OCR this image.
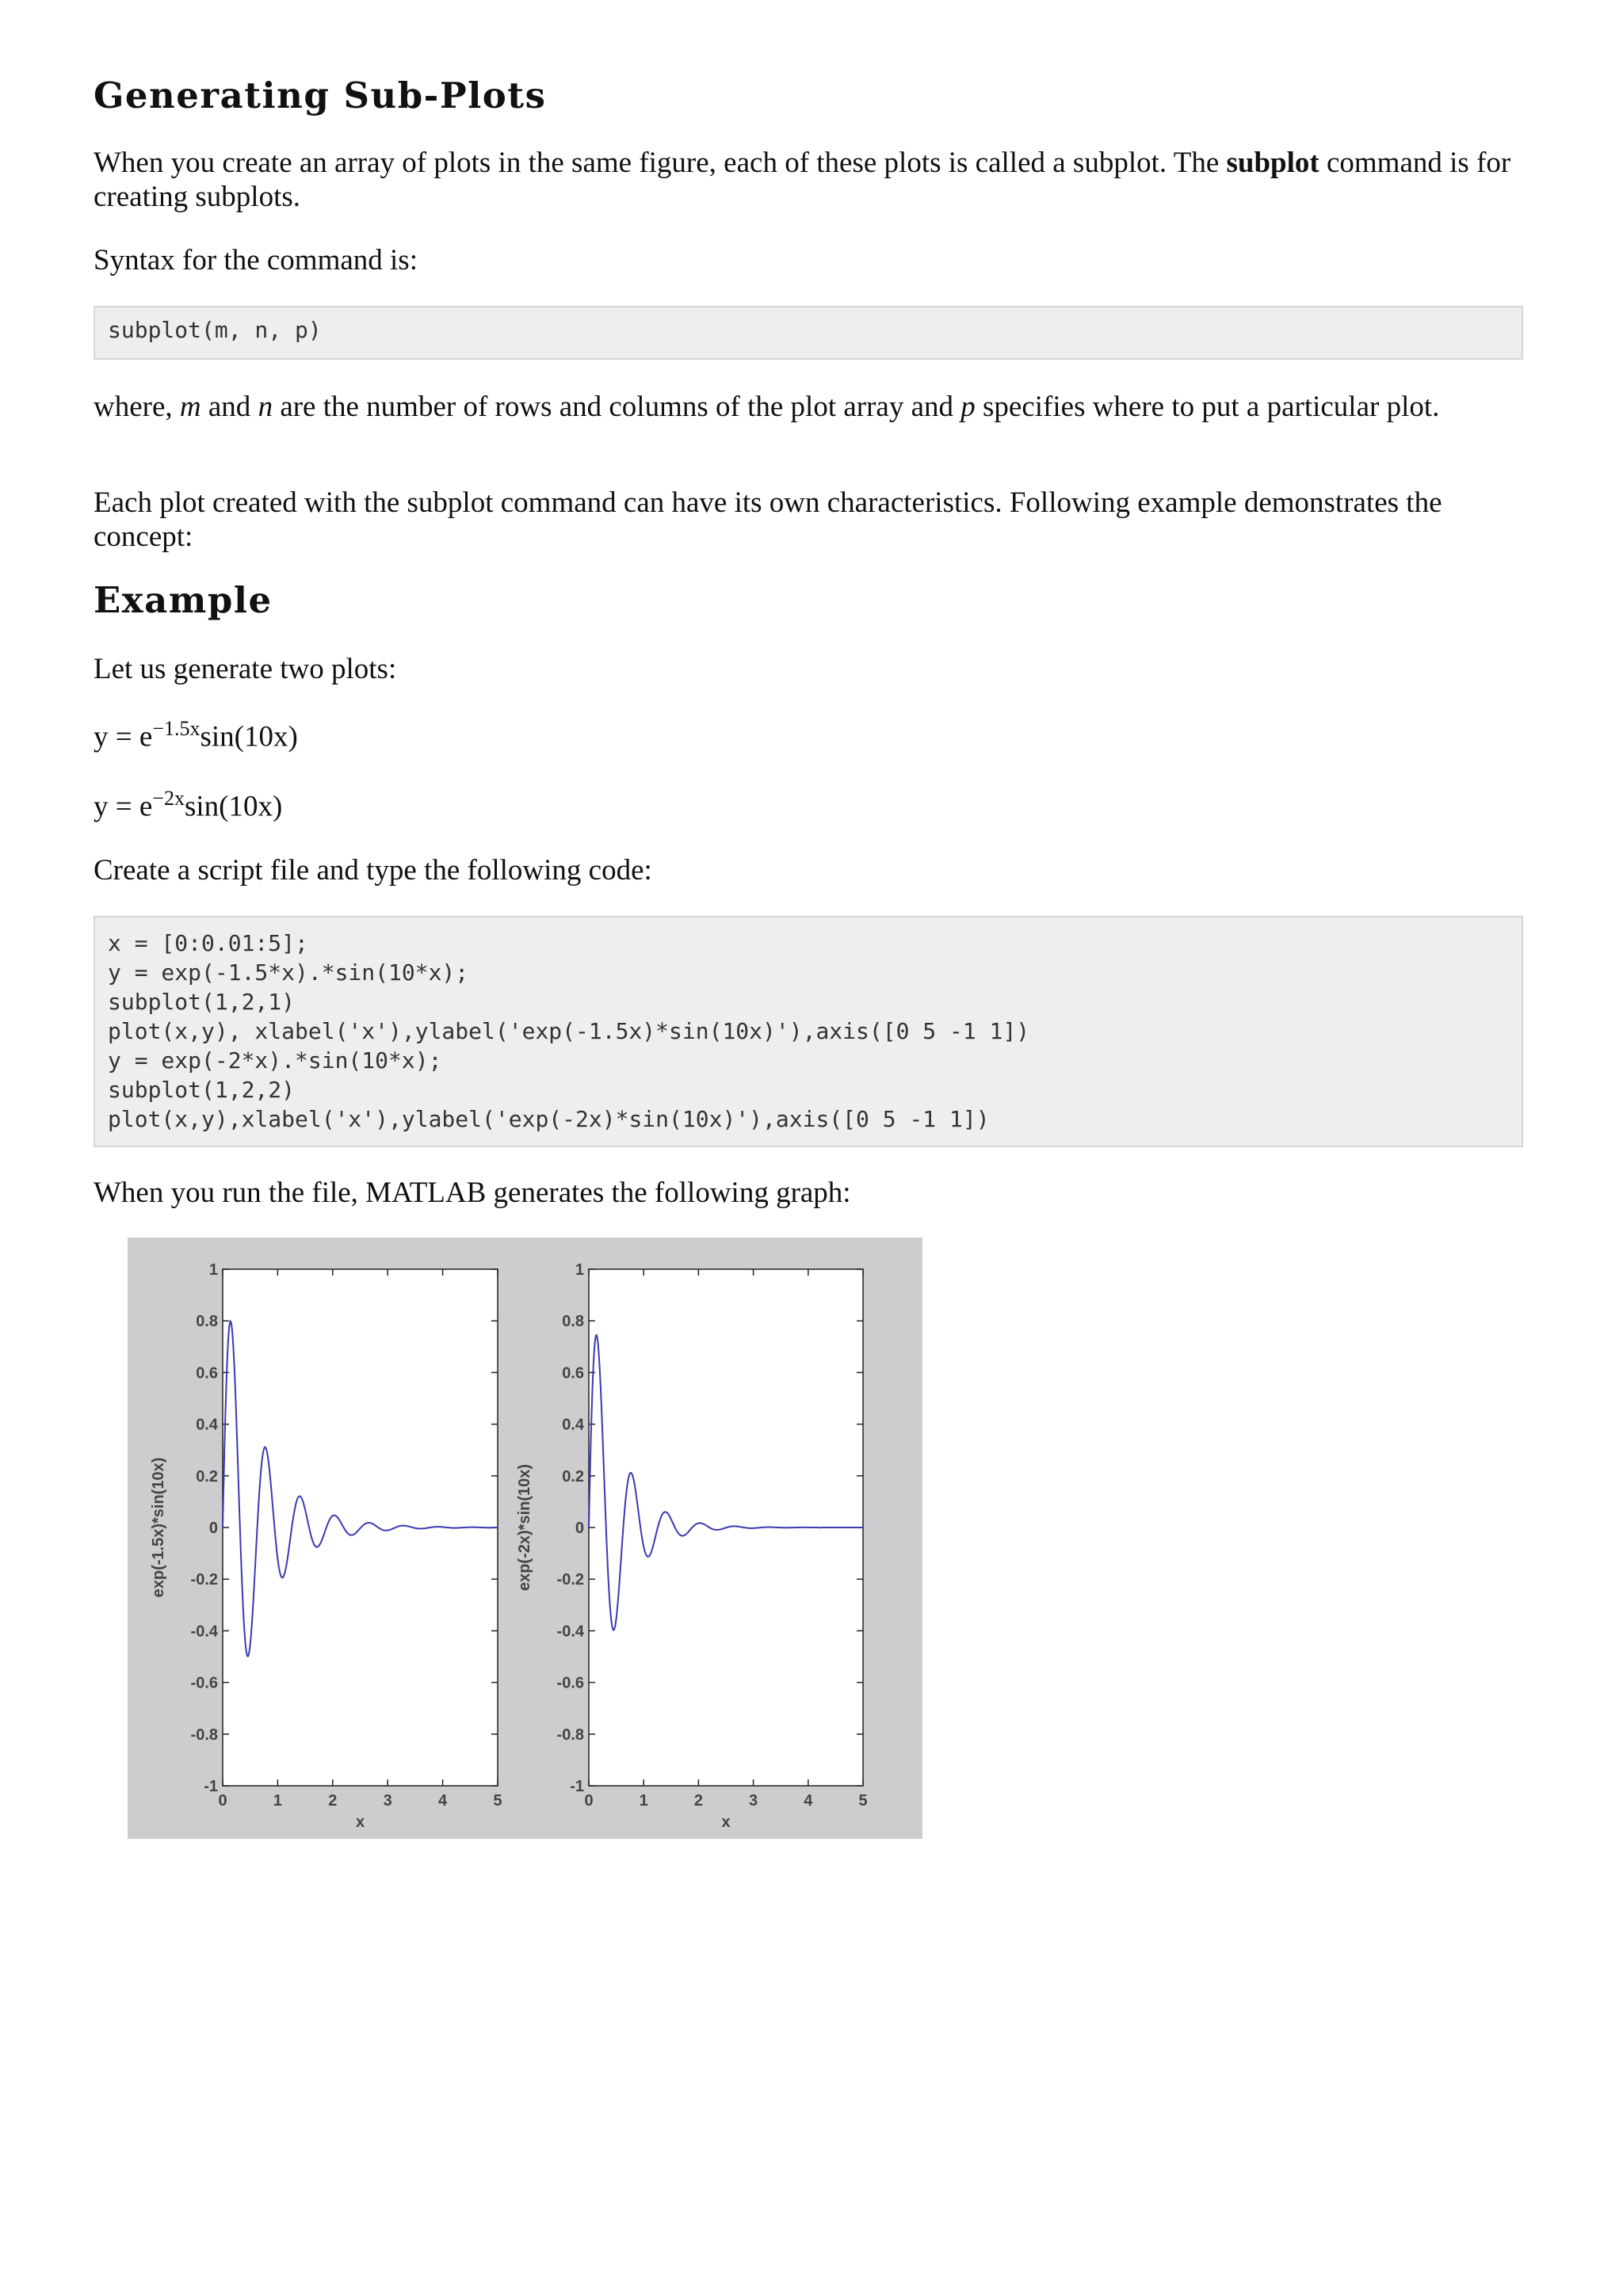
Generating Sub-Plots

When you create an array of plots in the same figure, each of these plots is called a subplot. The subplot command is for creating subplots.

Syntax for the command is:

subplot(m, n, p)

where, m and n are the number of rows and columns of the plot array and p specifies where to put a particular plot.

Each plot created with the subplot command can have its own characteristics. Following example demonstrates the concept:

Example

Let us generate two plots:

$y = e^{-1.5x}\sin(10x)$
$y = e^{-2x}\sin(10x)$

Create a script file and type the following code:

x = [0:0.01:5];
y = exp(-1.5*x).*sin(10*x);
subplot(1,2,1)
plot(x,y), xlabel('x'),ylabel('exp(-1.5x)*sin(10x)'),axis([0 5 -1 1])
y = exp(-2*x).*sin(10*x);
subplot(1,2,2)
plot(x,y),xlabel('x'),ylabel('exp(-2x)*sin(10x)'),axis([0 5 -1 1])

When you run the file, MATLAB generates the following graph:

1
0.8
0.6
0.4
0.2
0
-0.2
-0.4
-0.6
-0.8
-1
0	1	2	3	4	5
x
exp(-1.5x)*sin(10x)
1
0.8
0.6
0.4
0.2
0
-0.2
-0.4
-0.6
-0.8
-1
0	1	2	3	4	5
x
exp(-2x)*sin(10x)
